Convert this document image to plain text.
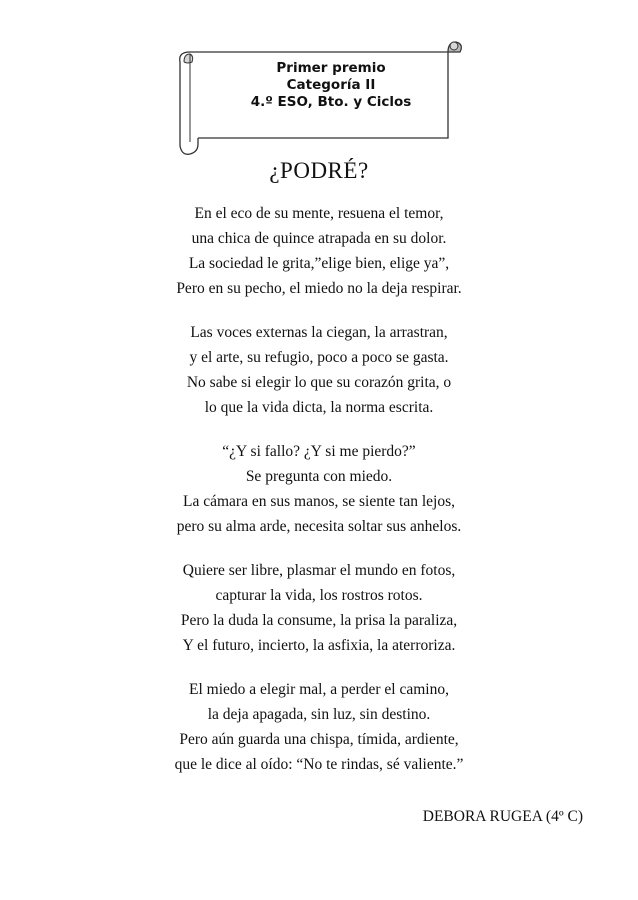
Primer premio
Categoría II
4.º ESO, Bto. y Ciclos
¿PODRÉ?
En el eco de su mente, resuena el temor,
una chica de quince atrapada en su dolor.
La sociedad le grita,”elige bien, elige ya”,
Pero en su pecho, el miedo no la deja respirar.
Las voces externas la ciegan, la arrastran,
y el arte, su refugio, poco a poco se gasta.
No sabe si elegir lo que su corazón grita, o
lo que la vida dicta, la norma escrita.
“¿Y si fallo? ¿Y si me pierdo?”
Se pregunta con miedo.
La cámara en sus manos, se siente tan lejos,
pero su alma arde, necesita soltar sus anhelos.
Quiere ser libre, plasmar el mundo en fotos,
capturar la vida, los rostros rotos.
Pero la duda la consume, la prisa la paraliza,
Y el futuro, incierto, la asfixia, la aterroriza.
El miedo a elegir mal, a perder el camino,
la deja apagada, sin luz, sin destino.
Pero aún guarda una chispa, tímida, ardiente,
que le dice al oído: “No te rindas, sé valiente.”
DEBORA RUGEA (4º C)
